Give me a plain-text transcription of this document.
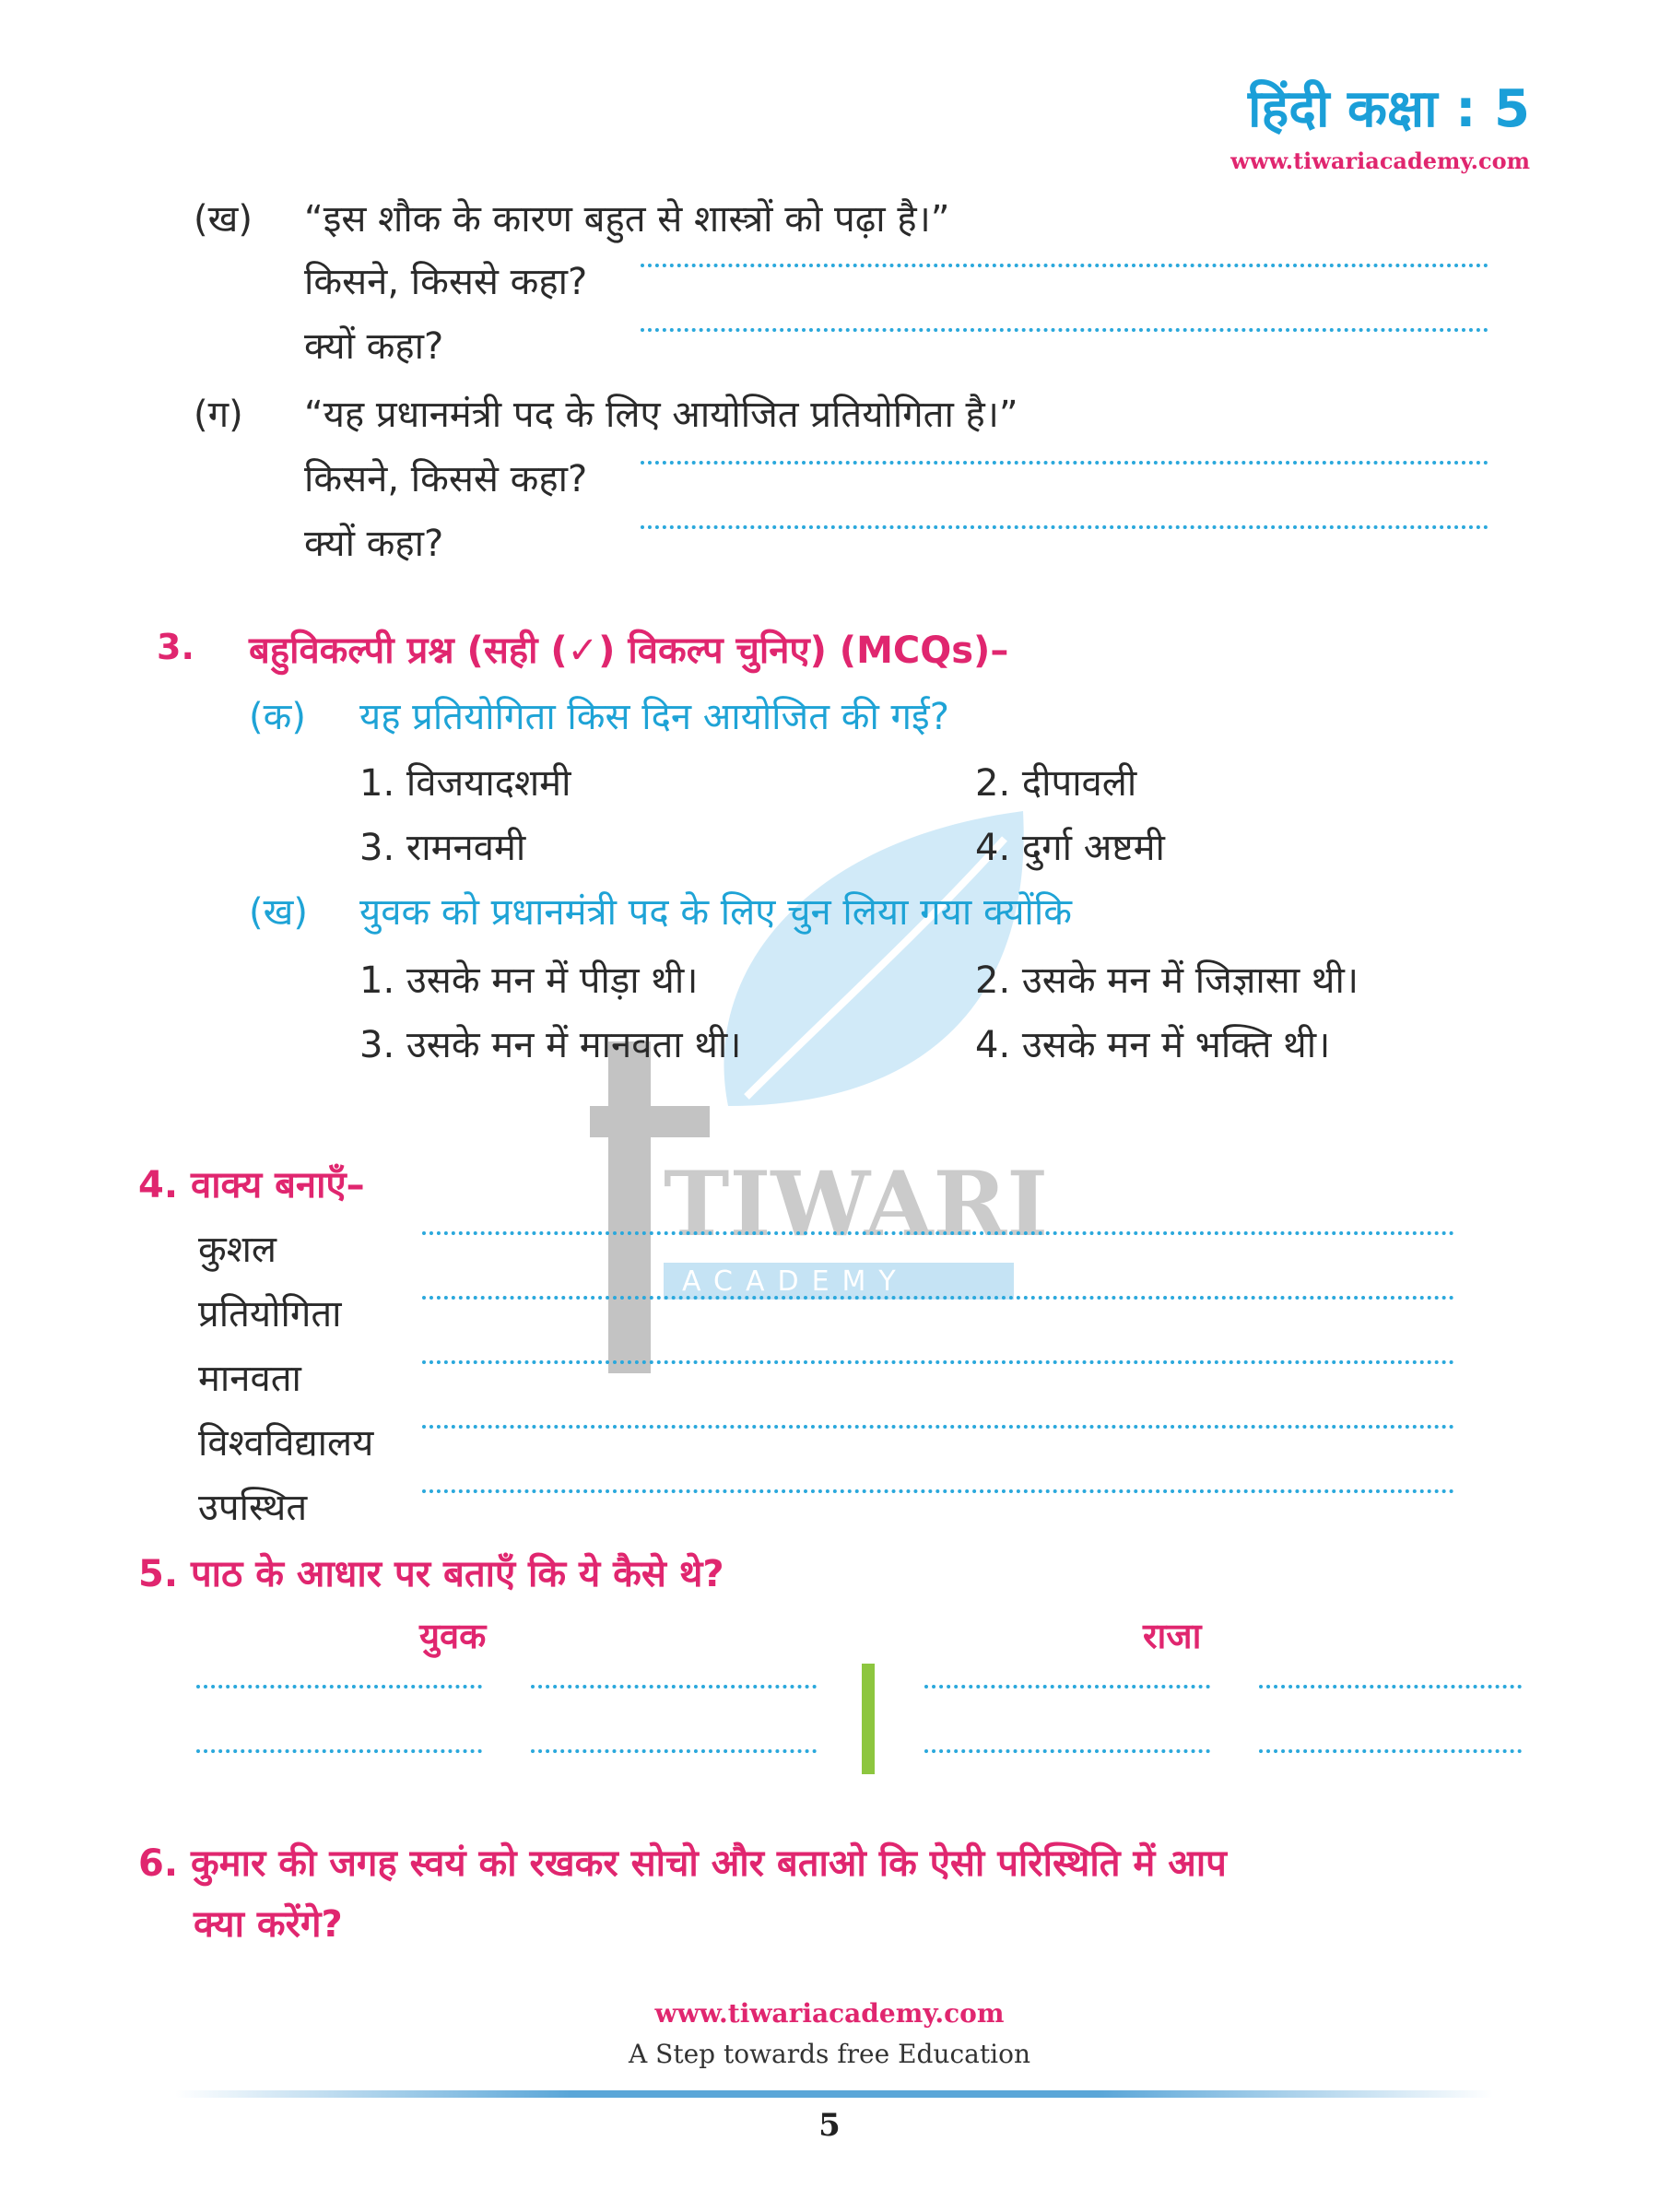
हिंदी कक्षा : 5
www.tiwariacademy.com
TIWARI
ACADEMY
(ख) “इस शौक के कारण बहुत से शास्त्रों को पढ़ा है।”
किसने, किससे कहा?
क्यों कहा?
(ग) “यह प्रधानमंत्री पद के लिए आयोजित प्रतियोगिता है।”
किसने, किससे कहा?
क्यों कहा?
3. बहुविकल्पी प्रश्न (सही (✓) विकल्प चुनिए) (MCQs)–
(क) यह प्रतियोगिता किस दिन आयोजित की गई?
1. विजयादशमी	2. दीपावली
3. रामनवमी	4. दुर्गा अष्टमी
(ख) युवक को प्रधानमंत्री पद के लिए चुन लिया गया क्योंकि
1. उसके मन में पीड़ा थी।	2. उसके मन में जिज्ञासा थी।
3. उसके मन में मानवता थी।	4. उसके मन में भक्ति थी।
4. वाक्य बनाएँ–
कुशल
प्रतियोगिता
मानवता
विश्वविद्यालय
उपस्थित
5. पाठ के आधार पर बताएँ कि ये कैसे थे?
युवक	राजा
6. कुमार की जगह स्वयं को रखकर सोचो और बताओ कि ऐसी परिस्थिति में आप
क्या करेंगे?
www.tiwariacademy.com
A Step towards free Education
5
